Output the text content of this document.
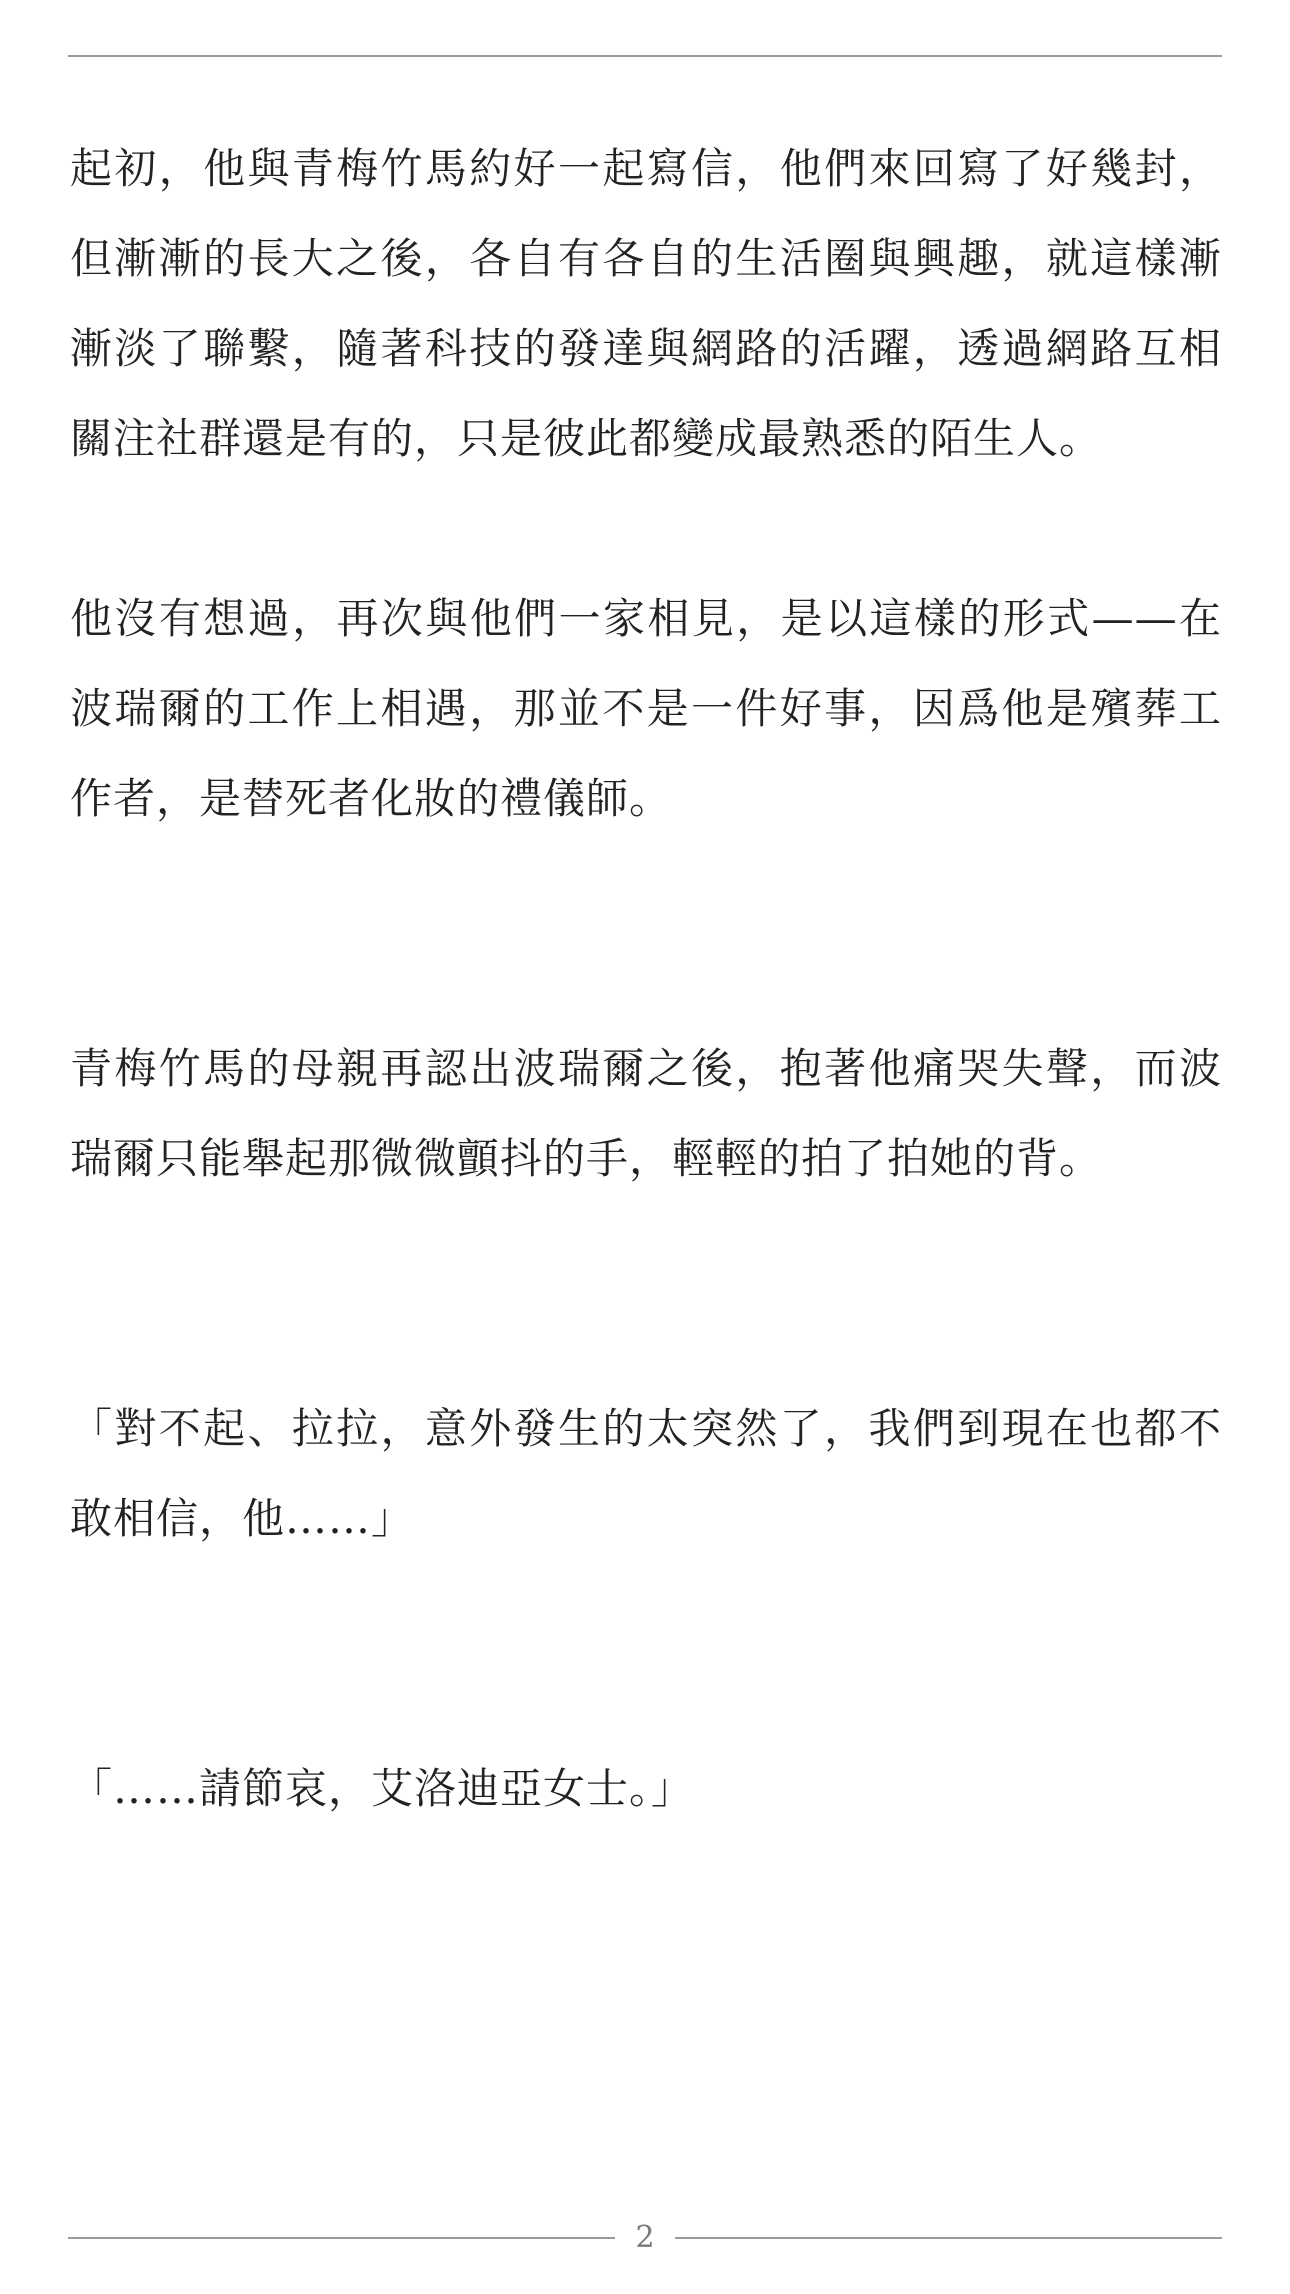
起初，他與青梅竹馬約好一起寫信，他們來回寫了好幾封，但漸漸的長大之後，各自有各自的生活圈與興趣，就這樣漸漸淡了聯繫，隨著科技的發達與網路的活躍，透過網路互相關注社群還是有的，只是彼此都變成最熟悉的陌生人。

他沒有想過，再次與他們一家相見，是以這樣的形式——在波瑞爾的工作上相遇，那並不是一件好事，因爲他是殯葬工作者，是替死者化妝的禮儀師。

青梅竹馬的母親再認出波瑞爾之後，抱著他痛哭失聲，而波瑞爾只能舉起那微微顫抖的手，輕輕的拍了拍她的背。

「對不起、拉拉，意外發生的太突然了，我們到現在也都不敢相信，他……」

「……請節哀，艾洛迪亞女士。」

2
